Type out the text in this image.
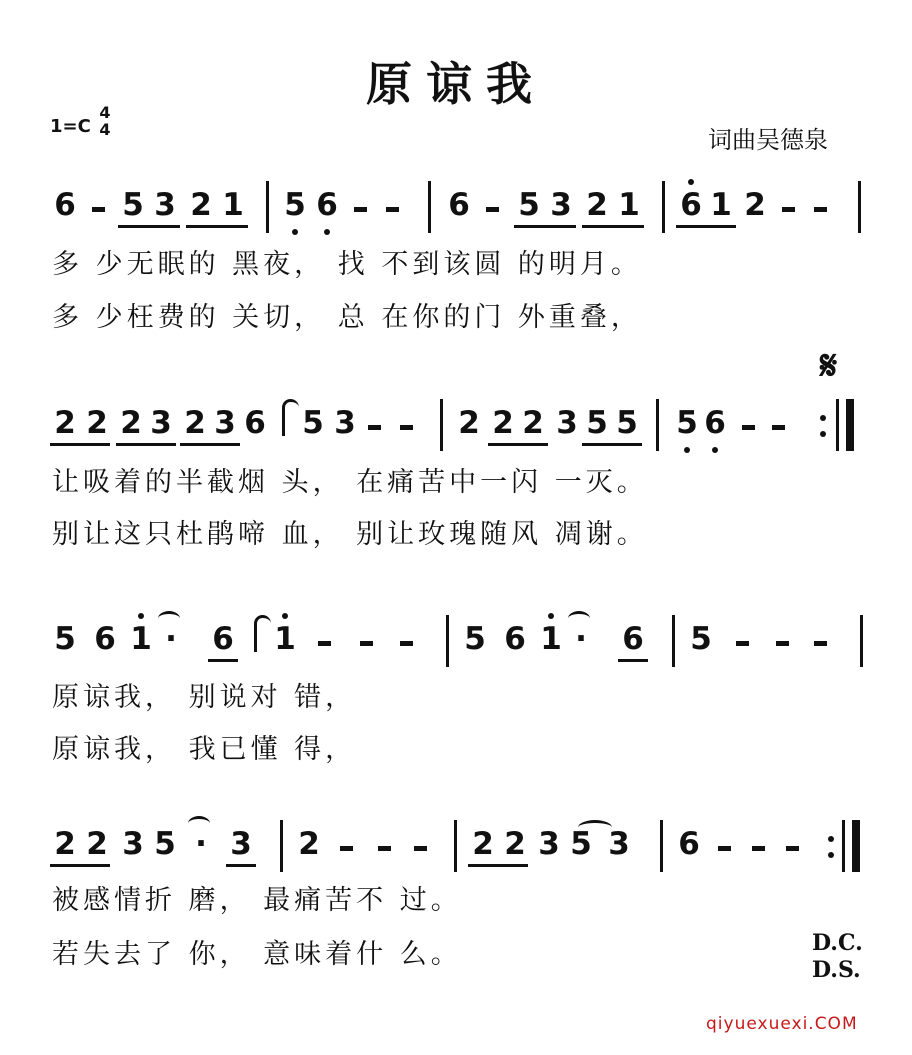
原谅我
1=C
4
4	词曲吴德泉
6 5 3 2 1 5 6	6 5 3 2 1 6 1 2
多 少无眠的 黑夜， 找 不到该圆 的明月。
多 少枉费的 关切， 总 在你的门 外重叠，
𝄋
2 2 2 3 2 3 6 5 3	2 2 2 3 5 5 5 6
让吸着的半截烟 头， 在痛苦中一闪 一灭。
别让这只杜鹃啼 血， 别让玫瑰随风 凋谢。
5 6 1 · 6 1	5 6 1 · 6 5
原谅我， 别说对 错，
原谅我， 我已懂 得，
2 2 3 5 · 3 2	2 2 3 5 3 6
被感情折 磨， 最痛苦不 过。
若失去了 你， 意味着什 么。	D.C.
D.S.
qiyuexuexi.COM
